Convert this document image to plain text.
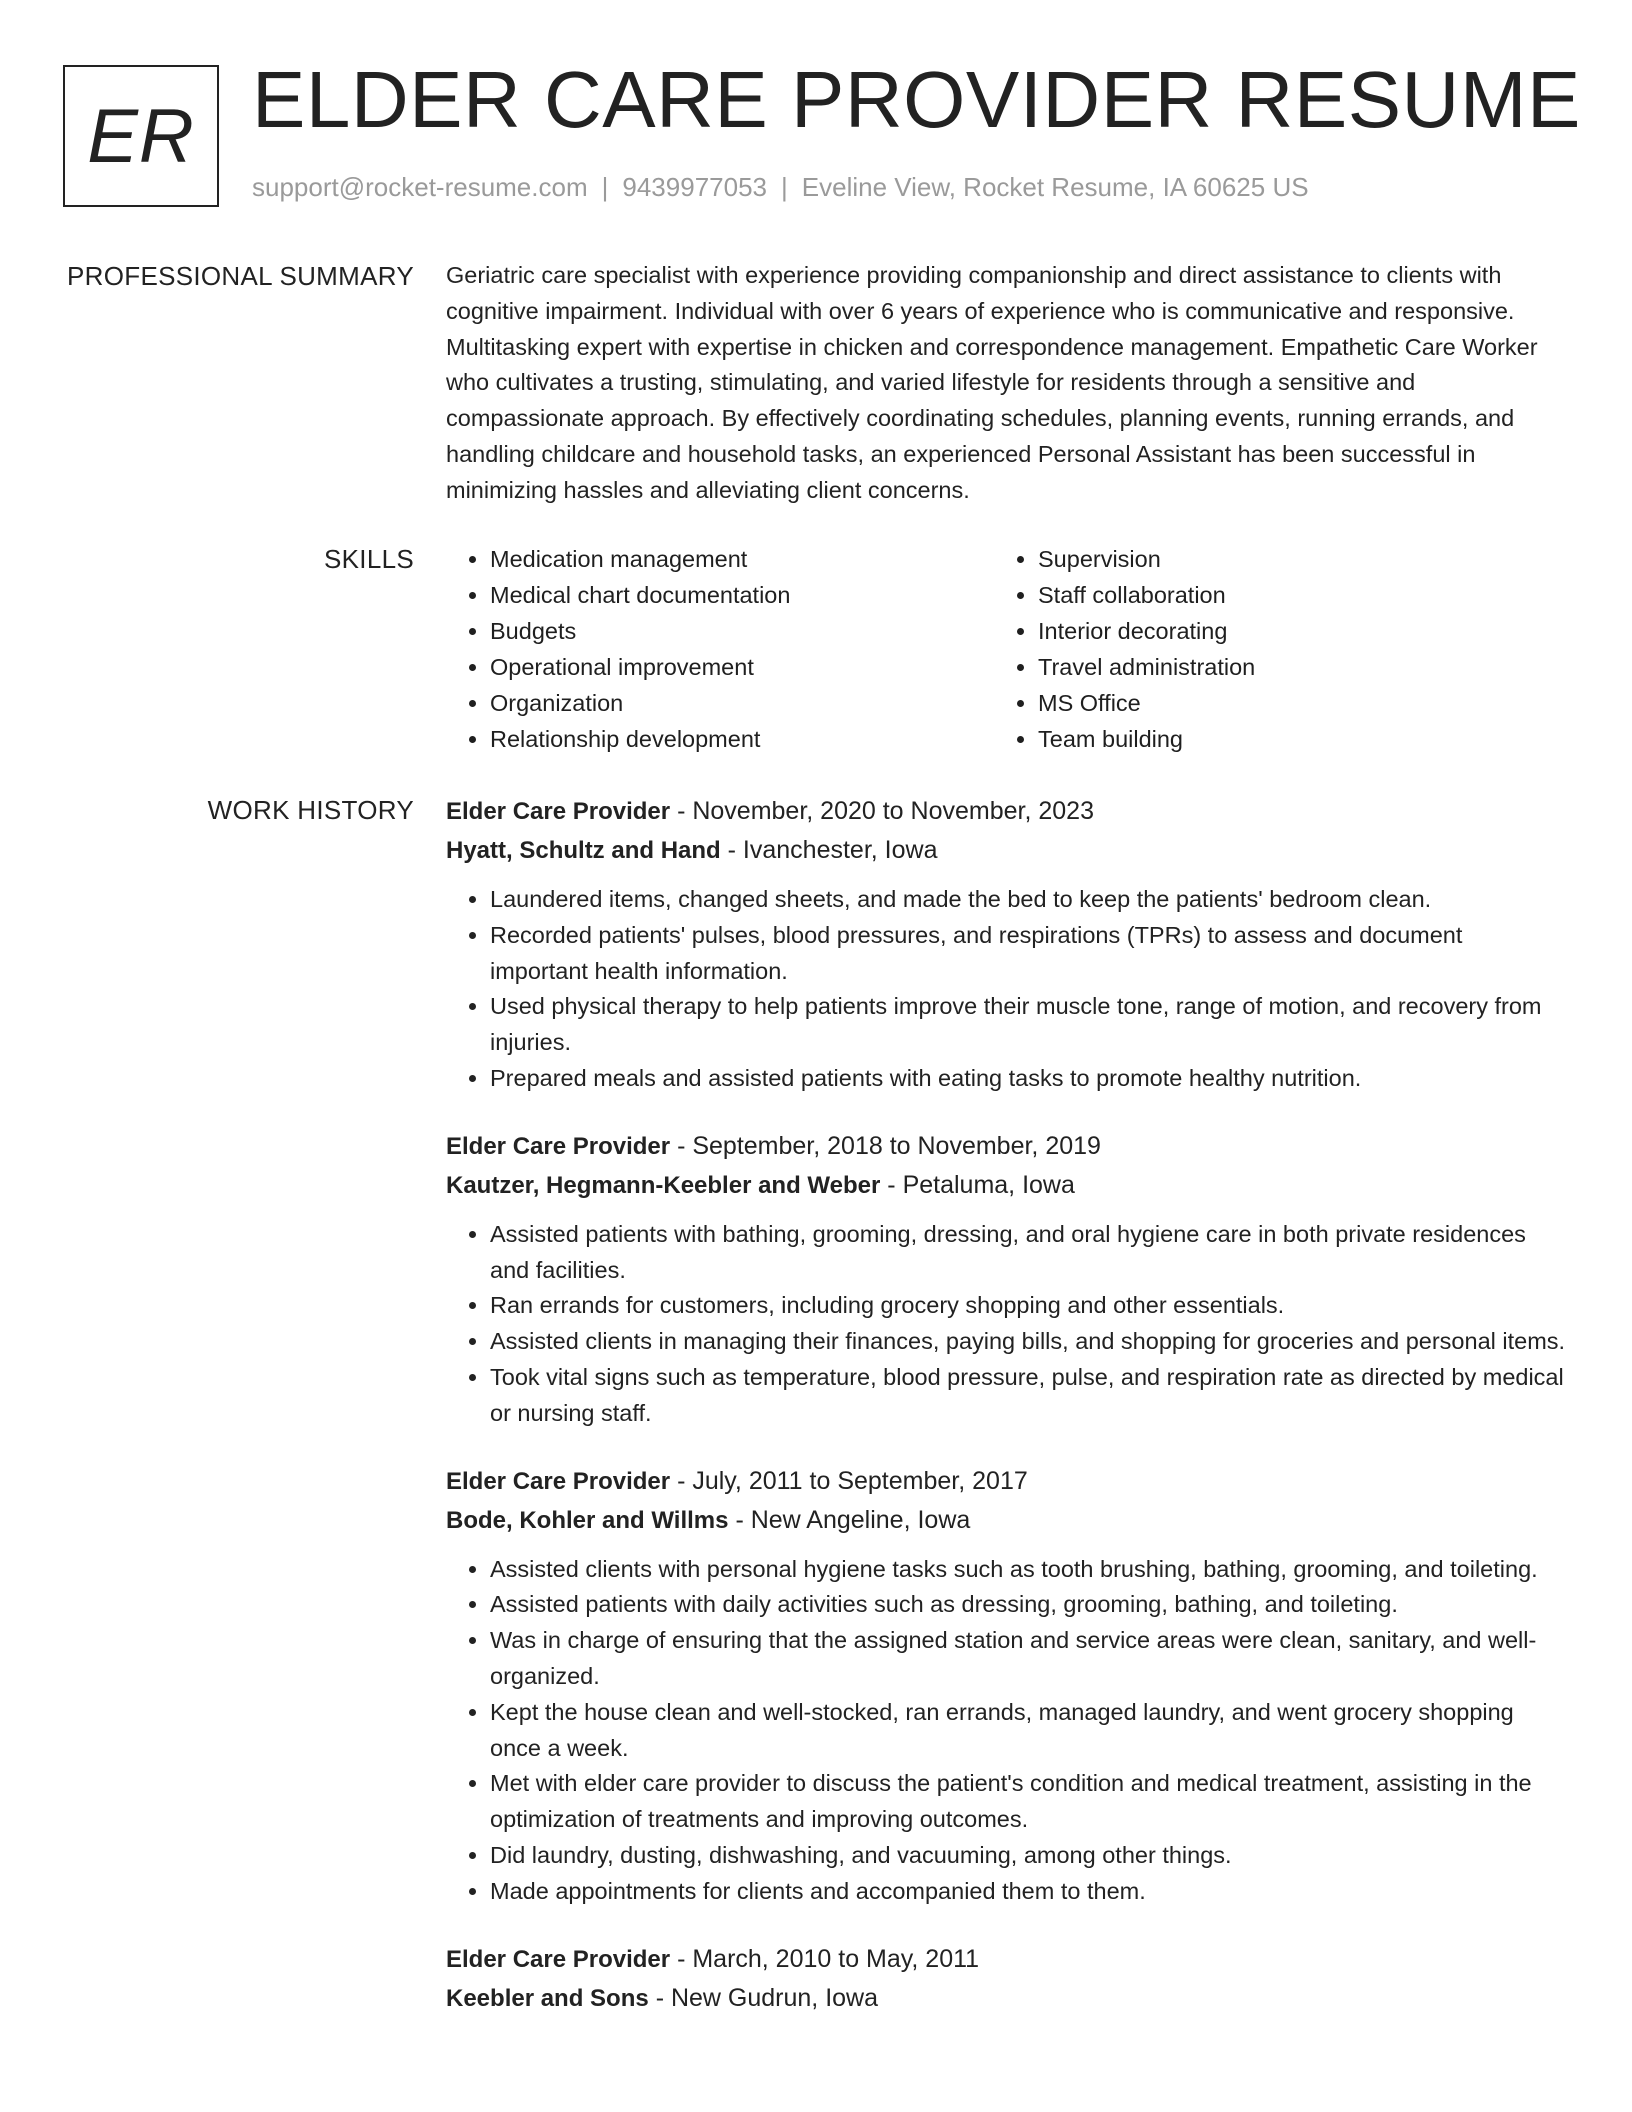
ER ELDER CARE PROVIDER RESUME
support@rocket-resume.com | 9439977053 | Eveline View, Rocket Resume, IA 60625 US
PROFESSIONAL SUMMARY Geriatric care specialist with experience providing companionship and direct assistance to clients with cognitive impairment. Individual with over 6 years of experience who is communicative and responsive. Multitasking expert with expertise in chicken and correspondence management. Empathetic Care Worker who cultivates a trusting, stimulating, and varied lifestyle for residents through a sensitive and compassionate approach. By effectively coordinating schedules, planning events, running errands, and handling childcare and household tasks, an experienced Personal Assistant has been successful in minimizing hassles and alleviating client concerns.

SKILLS
•	Medication management
• Medical chart documentation
• Budgets
• Operational improvement
• Organization
• Relationship development
• Supervision
• Staff collaboration
• Interior decorating
• Travel administration
• MS Office
• Team building
WORK HISTORY Elder Care Provider - November, 2020 to November, 2023
Hyatt, Schultz and Hand - Ivanchester, Iowa
• Laundered items, changed sheets, and made the bed to keep the patients' bedroom clean.
• Recorded patients' pulses, blood pressures, and respirations (TPRs) to assess and document important health information.
• Used physical therapy to help patients improve their muscle tone, range of motion, and recovery from injuries.
• Prepared meals and assisted patients with eating tasks to promote healthy nutrition.
Elder Care Provider - September, 2018 to November, 2019
Kautzer, Hegmann-Keebler and Weber - Petaluma, Iowa
• Assisted patients with bathing, grooming, dressing, and oral hygiene care in both private residences and facilities.
• Ran errands for customers, including grocery shopping and other essentials.
• Assisted clients in managing their finances, paying bills, and shopping for groceries and personal items.
• Took vital signs such as temperature, blood pressure, pulse, and respiration rate as directed by medical or nursing staff.
Elder Care Provider - July, 2011 to September, 2017
Bode, Kohler and Willms - New Angeline, Iowa
• Assisted clients with personal hygiene tasks such as tooth brushing, bathing, grooming, and toileting.
• Assisted patients with daily activities such as dressing, grooming, bathing, and toileting.
• Was in charge of ensuring that the assigned station and service areas were clean, sanitary, and well-organized.
• Kept the house clean and well-stocked, ran errands, managed laundry, and went grocery shopping once a week.
• Met with elder care provider to discuss the patient's condition and medical treatment, assisting in the optimization of treatments and improving outcomes.
• Did laundry, dusting, dishwashing, and vacuuming, among other things.
• Made appointments for clients and accompanied them to them.
Elder Care Provider - March, 2010 to May, 2011
Keebler and Sons - New Gudrun, Iowa
